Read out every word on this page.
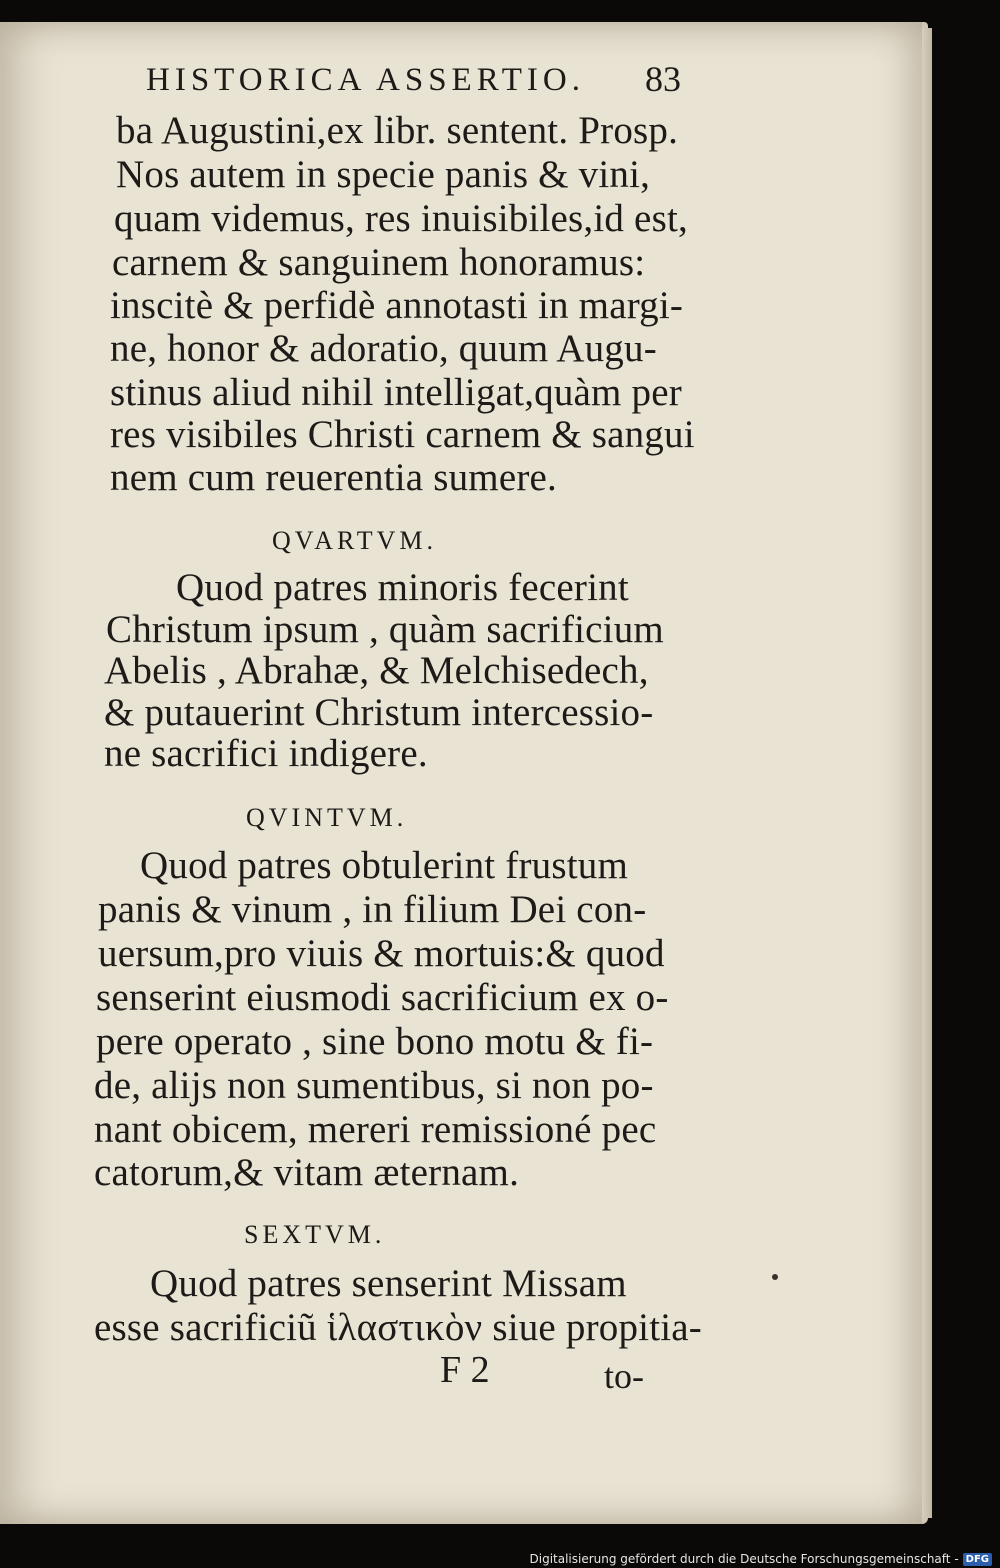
HISTORICA ASSERTIO. 83
ba Augustini,ex libr. sentent. Prosp.
Nos autem in specie panis & vini,
quam videmus, res inuisibiles,id est,
carnem & sanguinem honoramus:
inscitè & perfidè annotasti in margi-
ne, honor & adoratio, quum Augu-
stinus aliud nihil intelligat,quàm per
res visibiles Christi carnem & sangui
nem cum reuerentia sumere.
QVARTVM.
Quod patres minoris fecerint
Christum ipsum , quàm sacrificium
Abelis , Abrahæ, & Melchisedech,
& putauerint Christum intercessio-
ne sacrifici indigere.
QVINTVM.
Quod patres obtulerint frustum
panis & vinum , in filium Dei con-
uersum,pro viuis & mortuis:& quod
senserint eiusmodi sacrificium ex o-
pere operato , sine bono motu & fi-
de, alijs non sumentibus, si non po-
nant obicem, mereri remissioné pec
catorum,& vitam æternam.
SEXTVM.
Quod patres senserint Missam
esse sacrificiũ ἱλαστικὸν siue propitia-
F 2	to-
Digitalisierung gefördert durch die Deutsche Forschungsgemeinschaft - DFG
